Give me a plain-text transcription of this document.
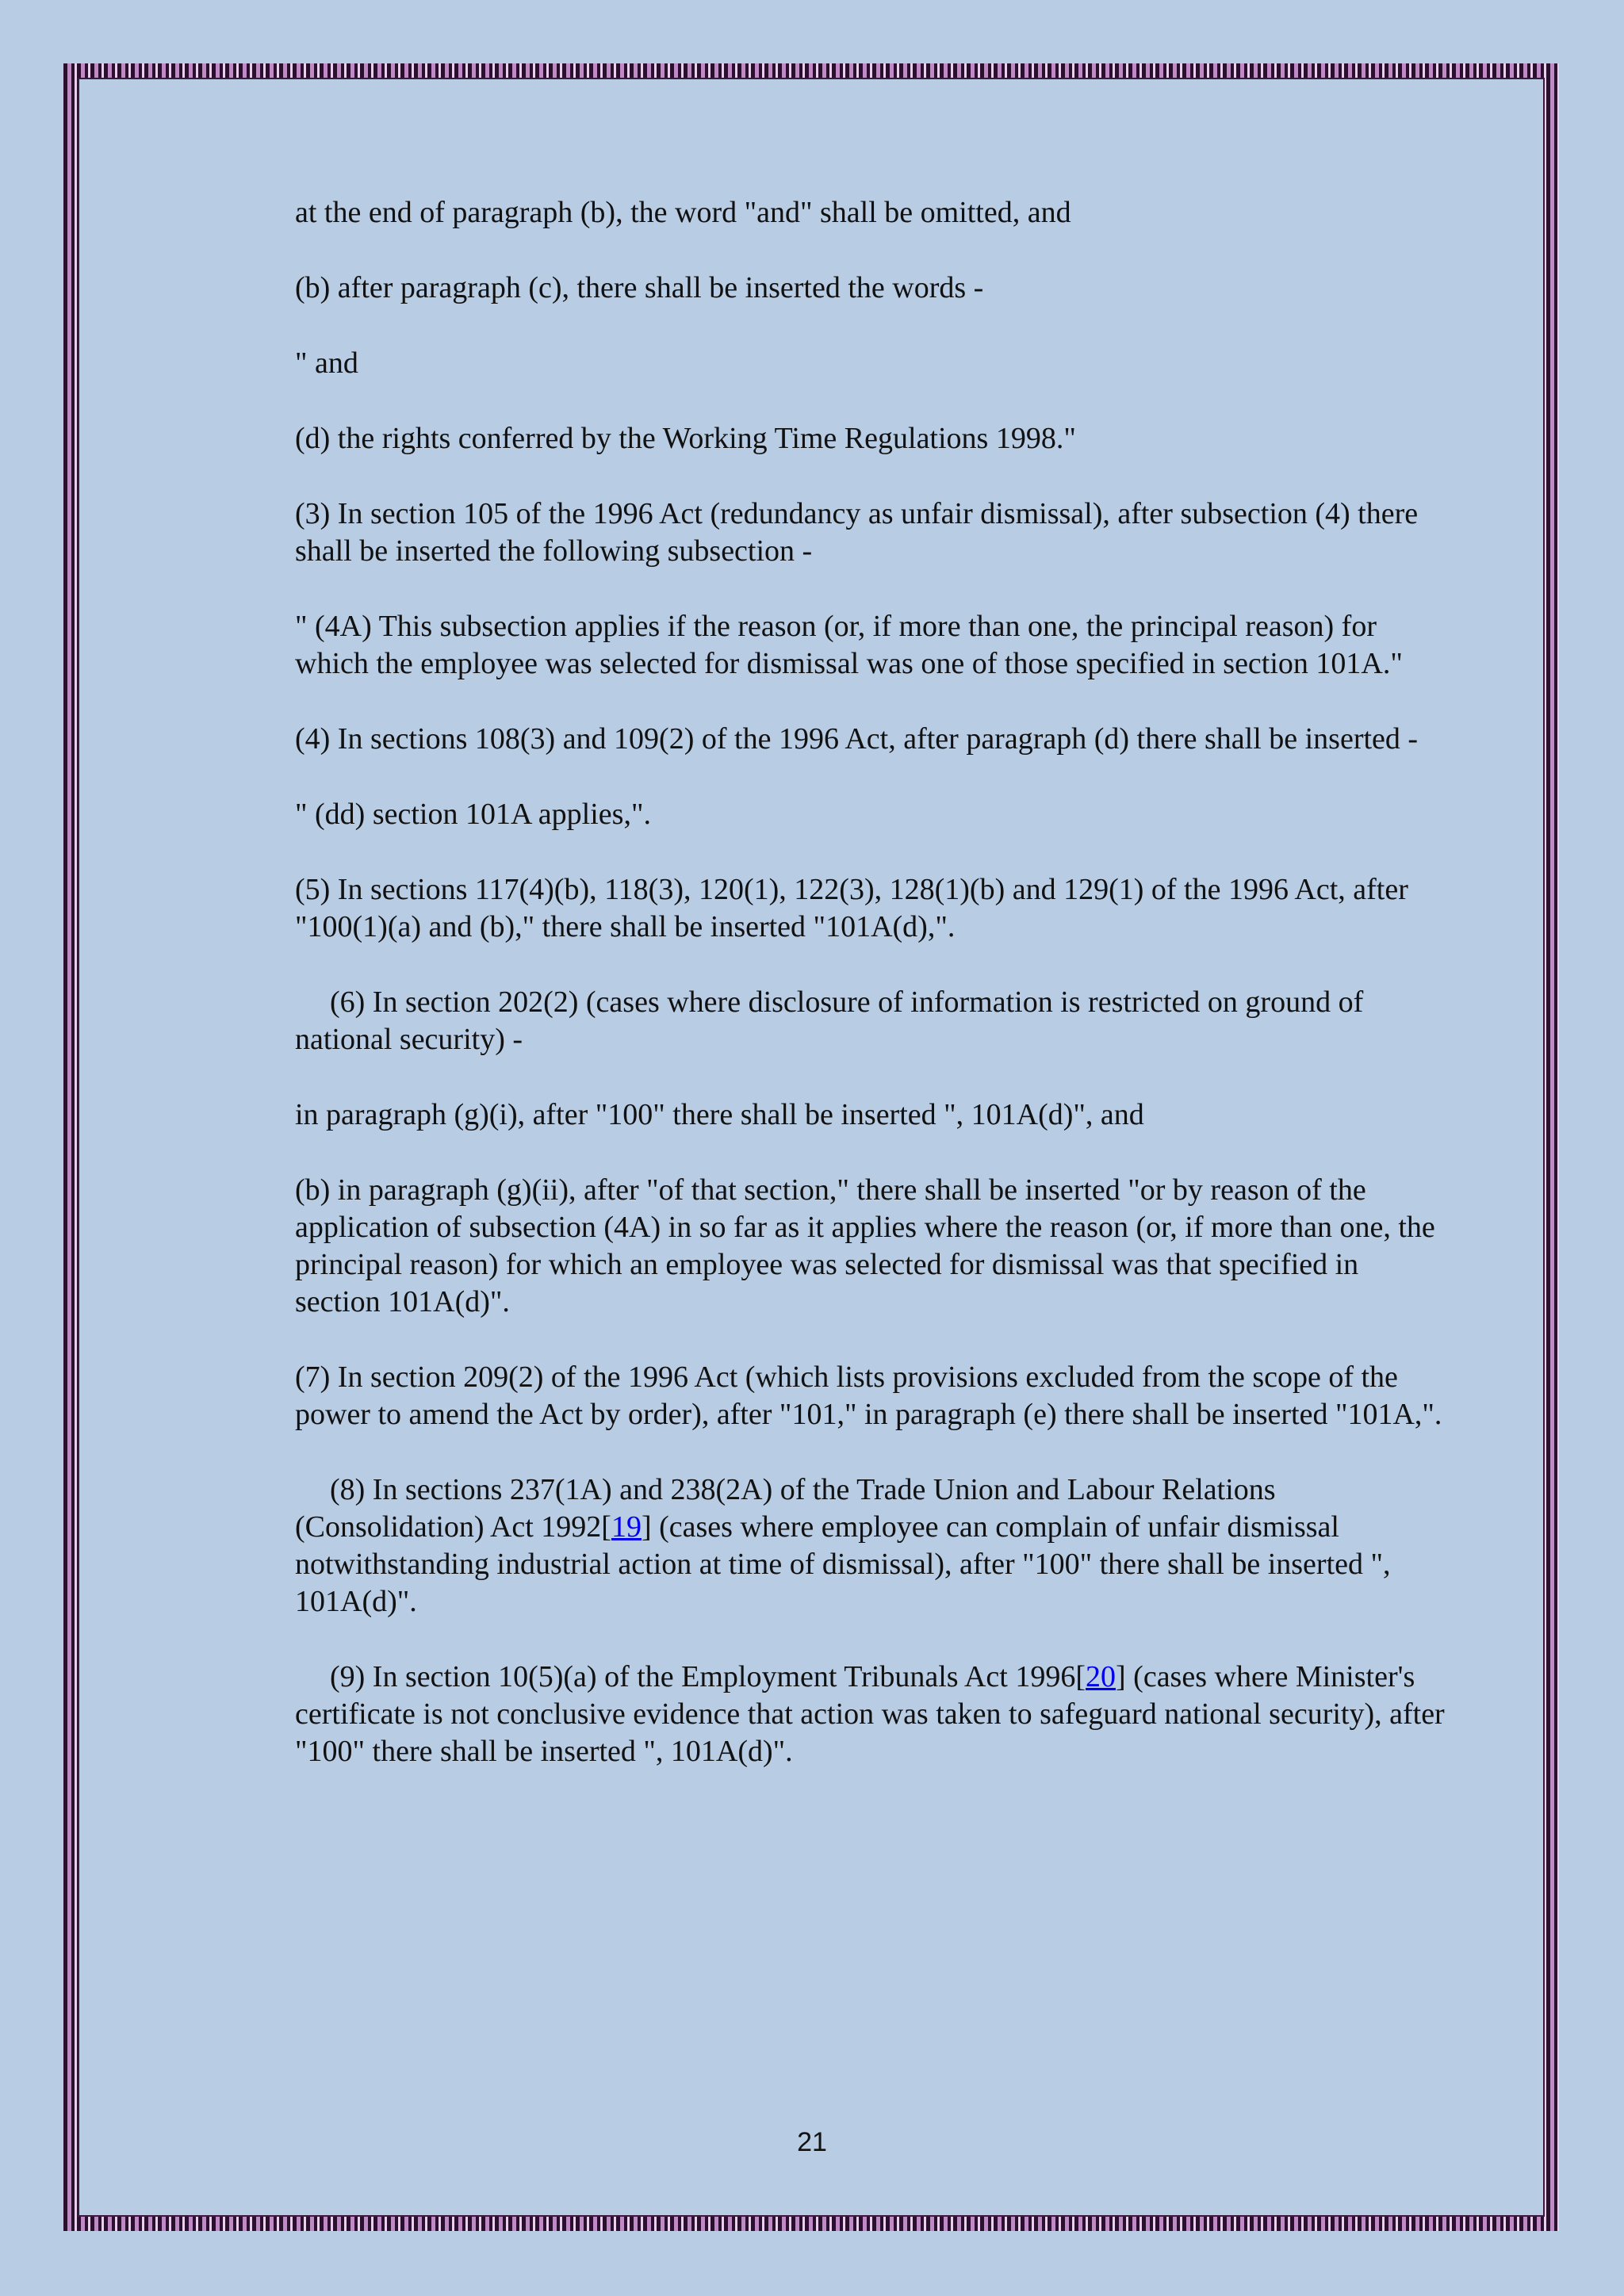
at the end of paragraph (b), the word "and" shall be omitted, and

(b) after paragraph (c), there shall be inserted the words -

" and

(d) the rights conferred by the Working Time Regulations 1998."

(3) In section 105 of the 1996 Act (redundancy as unfair dismissal), after subsection (4) there shall be inserted the following subsection -

" (4A) This subsection applies if the reason (or, if more than one, the principal reason) for which the employee was selected for dismissal was one of those specified in section 101A."

(4) In sections 108(3) and 109(2) of the 1996 Act, after paragraph (d) there shall be inserted -

" (dd) section 101A applies,".

(5) In sections 117(4)(b), 118(3), 120(1), 122(3), 128(1)(b) and 129(1) of the 1996 Act, after "100(1)(a) and (b)," there shall be inserted "101A(d),".

(6) In section 202(2) (cases where disclosure of information is restricted on ground of national security) -

in paragraph (g)(i), after "100" there shall be inserted ", 101A(d)", and

(b) in paragraph (g)(ii), after "of that section," there shall be inserted "or by reason of the application of subsection (4A) in so far as it applies where the reason (or, if more than one, the principal reason) for which an employee was selected for dismissal was that specified in section 101A(d)".

(7) In section 209(2) of the 1996 Act (which lists provisions excluded from the scope of the power to amend the Act by order), after "101," in paragraph (e) there shall be inserted "101A,".

(8) In sections 237(1A) and 238(2A) of the Trade Union and Labour Relations (Consolidation) Act 1992[19] (cases where employee can complain of unfair dismissal notwithstanding industrial action at time of dismissal), after "100" there shall be inserted ", 101A(d)".

(9) In section 10(5)(a) of the Employment Tribunals Act 1996[20] (cases where Minister's certificate is not conclusive evidence that action was taken to safeguard national security), after "100" there shall be inserted ", 101A(d)".

21
